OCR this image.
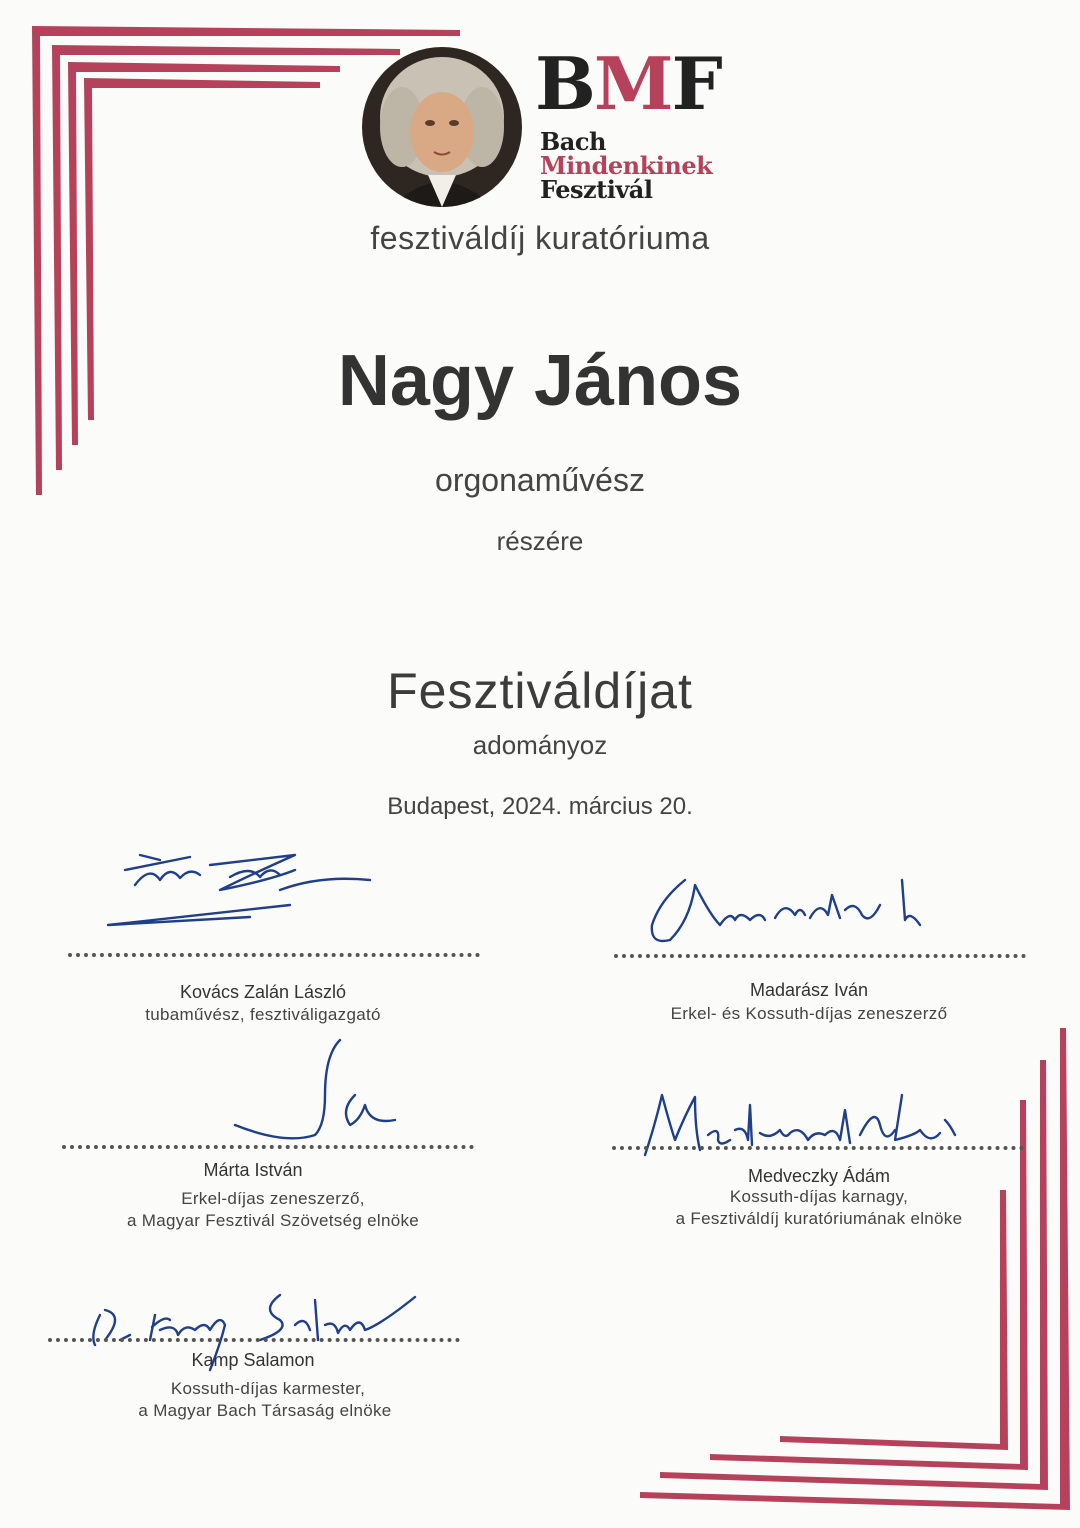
BMF
Bach
Mindenkinek
Fesztivál
fesztiváldíj kuratóriuma
Nagy János
orgonaművész
részére
Fesztiváldíjat
adományoz
Budapest, 2024. március 20.
Kovács Zalán László
tubaművész, fesztiváligazgató
Madarász Iván
Erkel- és Kossuth-díjas zeneszerző
Márta István
Erkel-díjas zeneszerző,
a Magyar Fesztivál Szövetség elnöke
Medveczky Ádám
Kossuth-díjas karnagy,
a Fesztiváldíj kuratóriumának elnöke
Kamp Salamon
Kossuth-díjas karmester,
a Magyar Bach Társaság elnöke
